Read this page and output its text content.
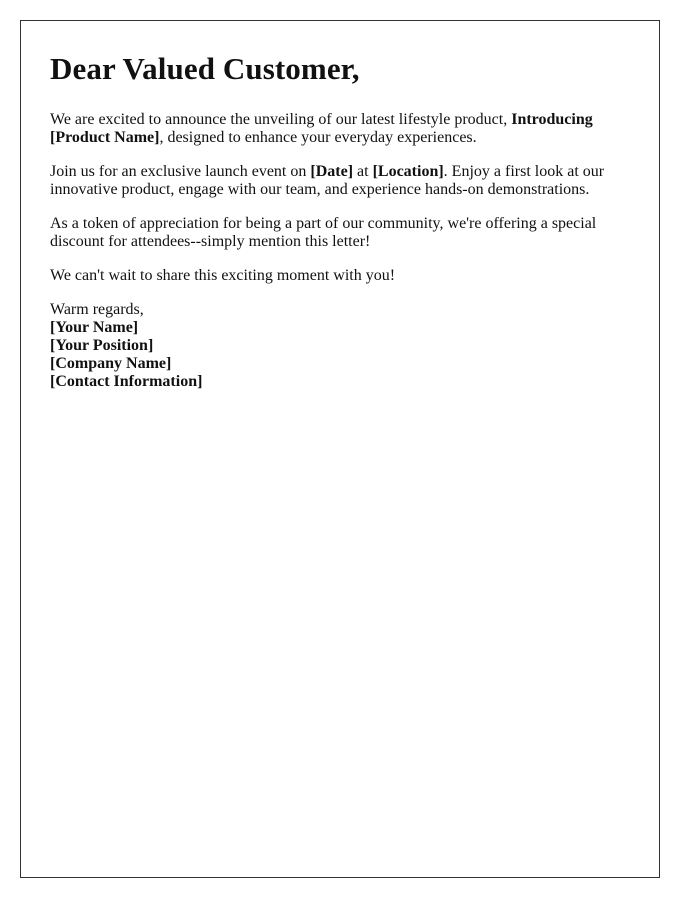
Dear Valued Customer,

We are excited to announce the unveiling of our latest lifestyle product, Introducing [Product Name], designed to enhance your everyday experiences.

Join us for an exclusive launch event on [Date] at [Location]. Enjoy a first look at our innovative product, engage with our team, and experience hands-on demonstrations.

As a token of appreciation for being a part of our community, we're offering a special discount for attendees--simply mention this letter!

We can't wait to share this exciting moment with you!

Warm regards,
[Your Name]
[Your Position]
[Company Name]
[Contact Information]
